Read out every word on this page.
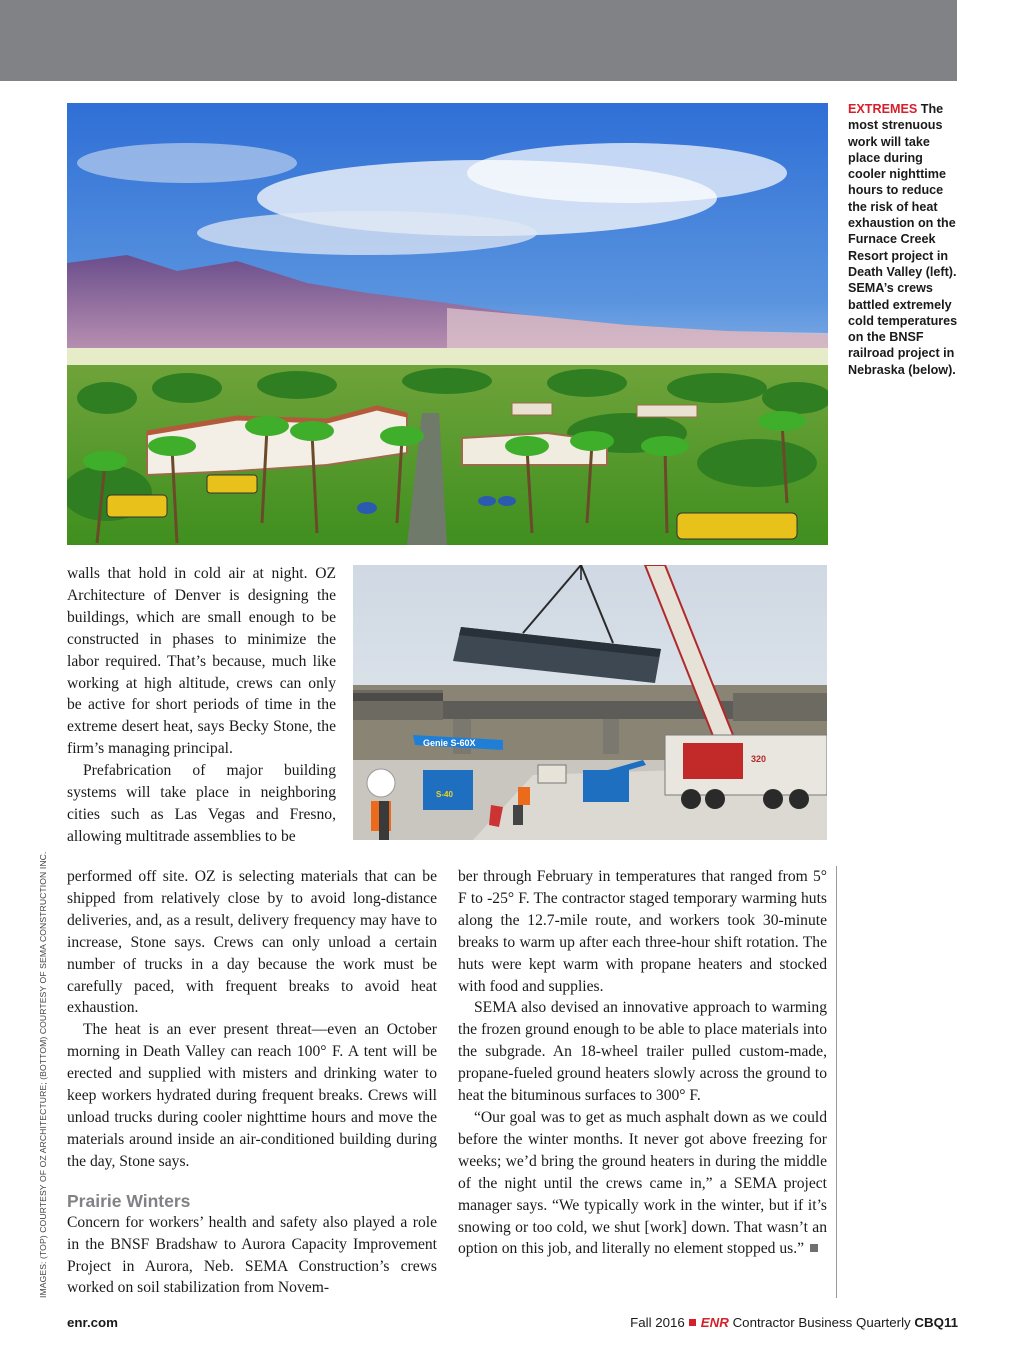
EXTREMES The most strenuous work will take place during cooler nighttime hours to reduce the risk of heat exhaustion on the Furnace Creek Resort project in Death Valley (left). SEMA’s crews battled extremely cold temperatures on the BNSF railroad project in Nebraska (below).
320
Genie S-60X
S-40

walls that hold in cold air at night. OZ Architecture of Denver is designing the buildings, which are small enough to be constructed in phases to minimize the labor required. That’s because, much like working at high altitude, crews can only be active for short periods of time in the extreme desert heat, says Becky Stone, the firm’s managing principal.

Prefabrication of major building systems will take place in neighboring cities such as Las Vegas and Fresno, allowing multitrade assemblies to be

performed off site. OZ is selecting materials that can be shipped from relatively close by to avoid long-distance deliveries, and, as a result, delivery frequency may have to increase, Stone says. Crews can only unload a certain number of trucks in a day because the work must be carefully paced, with frequent breaks to avoid heat exhaustion.

The heat is an ever present threat—even an October morning in Death Valley can reach 100° F. A tent will be erected and supplied with misters and drinking water to keep workers hydrated during frequent breaks. Crews will unload trucks during cooler nighttime hours and move the materials around inside an air-conditioned building during the day, Stone says.

Prairie Winters

Concern for workers’ health and safety also played a role in the BNSF Bradshaw to Aurora Capacity Improvement Project in Aurora, Neb. SEMA Construction’s crews worked on soil stabilization from Novem-

ber through February in temperatures that ranged from 5° F to -25° F. The contractor staged temporary warming huts along the 12.7-mile route, and workers took 30-minute breaks to warm up after each three-hour shift rotation. The huts were kept warm with propane heaters and stocked with food and supplies.

SEMA also devised an innovative approach to warming the frozen ground enough to be able to place materials into the subgrade. An 18-wheel trailer pulled custom-made, propane-fueled ground heaters slowly across the ground to heat the bituminous surfaces to 300° F.

“Our goal was to get as much asphalt down as we could before the winter months. It never got above freezing for weeks; we’d bring the ground heaters in during the middle of the night until the crews came in,” a SEMA project manager says. “We typically work in the winter, but if it’s snowing or too cold, we shut [work] down. That wasn’t an option on this job, and literally no element stopped us.”

IMAGES: (TOP) COURTESY OF OZ ARCHITECTURE; (BOTTOM) COURTESY OF SEMA CONSTRUCTION INC.
enr.com	Fall 2016 ENR Contractor Business Quarterly CBQ11
